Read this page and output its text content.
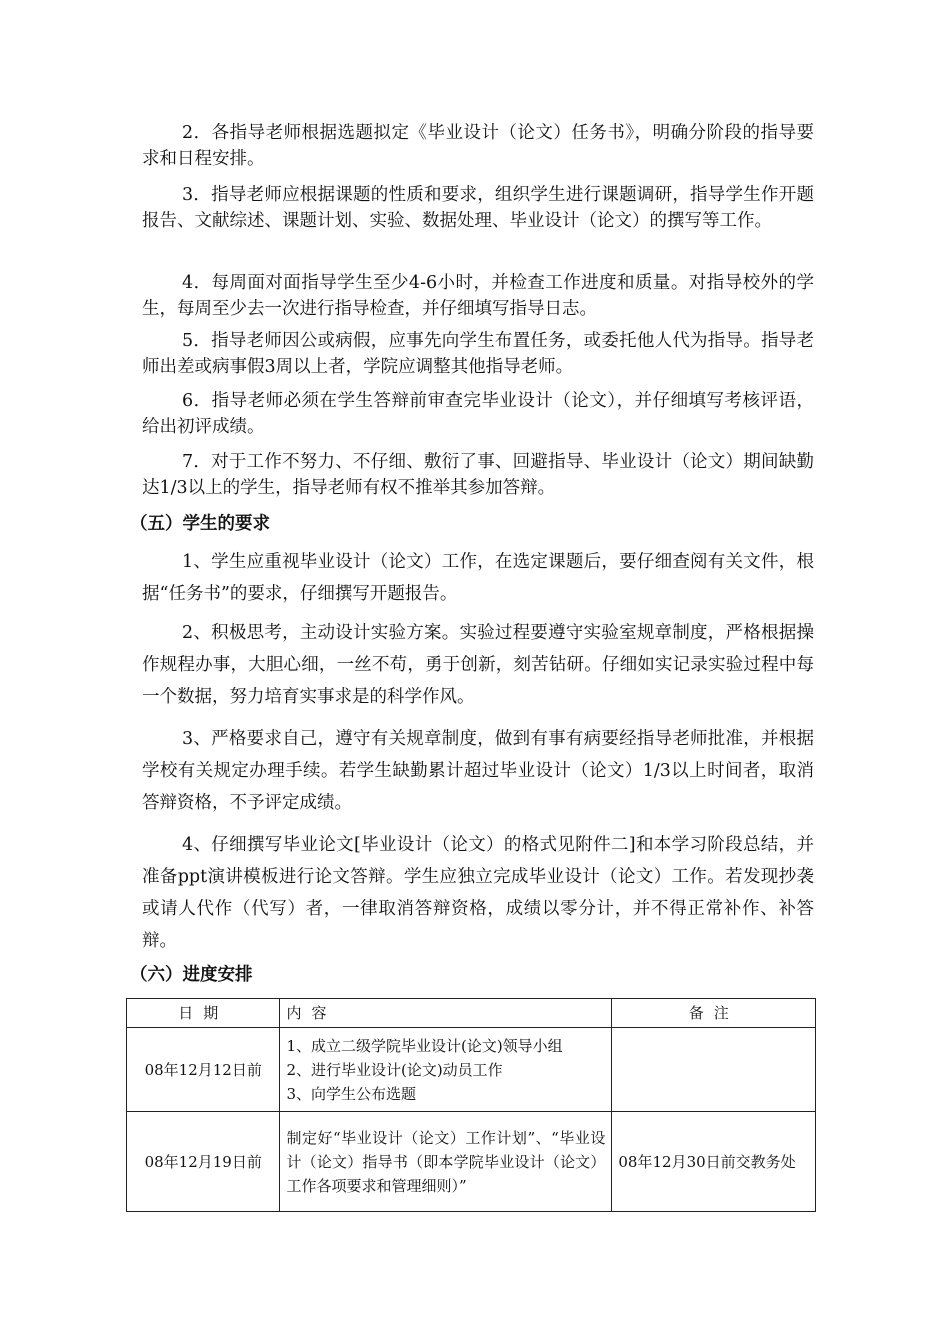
2．各指导老师根据选题拟定《毕业设计（论文）任务书》，明确分阶段的指导要求和日程安排。

3．指导老师应根据课题的性质和要求，组织学生进行课题调研，指导学生作开题报告、文献综述、课题计划、实验、数据处理、毕业设计（论文）的撰写等工作。

4．每周面对面指导学生至少4-6小时，并检查工作进度和质量。对指导校外的学生，每周至少去一次进行指导检查，并仔细填写指导日志。

5．指导老师因公或病假，应事先向学生布置任务，或委托他人代为指导。指导老师出差或病事假3周以上者，学院应调整其他指导老师。

6．指导老师必须在学生答辩前审查完毕业设计（论文），并仔细填写考核评语，给出初评成绩。

7．对于工作不努力、不仔细、敷衍了事、回避指导、毕业设计（论文）期间缺勤达1/3以上的学生，指导老师有权不推举其参加答辩。

（五）学生的要求

1、学生应重视毕业设计（论文）工作，在选定课题后，要仔细查阅有关文件，根据“任务书”的要求，仔细撰写开题报告。

2、积极思考，主动设计实验方案。实验过程要遵守实验室规章制度，严格根据操作规程办事，大胆心细，一丝不苟，勇于创新，刻苦钻研。仔细如实记录实验过程中每一个数据，努力培育实事求是的科学作风。

3、严格要求自己，遵守有关规章制度，做到有事有病要经指导老师批准，并根据学校有关规定办理手续。若学生缺勤累计超过毕业设计（论文）1/3以上时间者，取消答辩资格，不予评定成绩。

4、仔细撰写毕业论文[毕业设计（论文）的格式见附件二]和本学习阶段总结，并准备ppt演讲模板进行论文答辩。学生应独立完成毕业设计（论文）工作。若发现抄袭或请人代作（代写）者，一律取消答辩资格，成绩以零分计，并不得正常补作、补答辩。

（六）进度安排
日期	内容	备注
08年12月12日前	1、成立二级学院毕业设计(论文)领导小组
2、进行毕业设计(论文)动员工作
3、向学生公布选题	

08年12月19日前	制定好“毕业设计（论文）工作计划”、“毕业设计（论文）指导书（即本学院毕业设计（论文）工作各项要求和管理细则）”	08年12月30日前交教务处
